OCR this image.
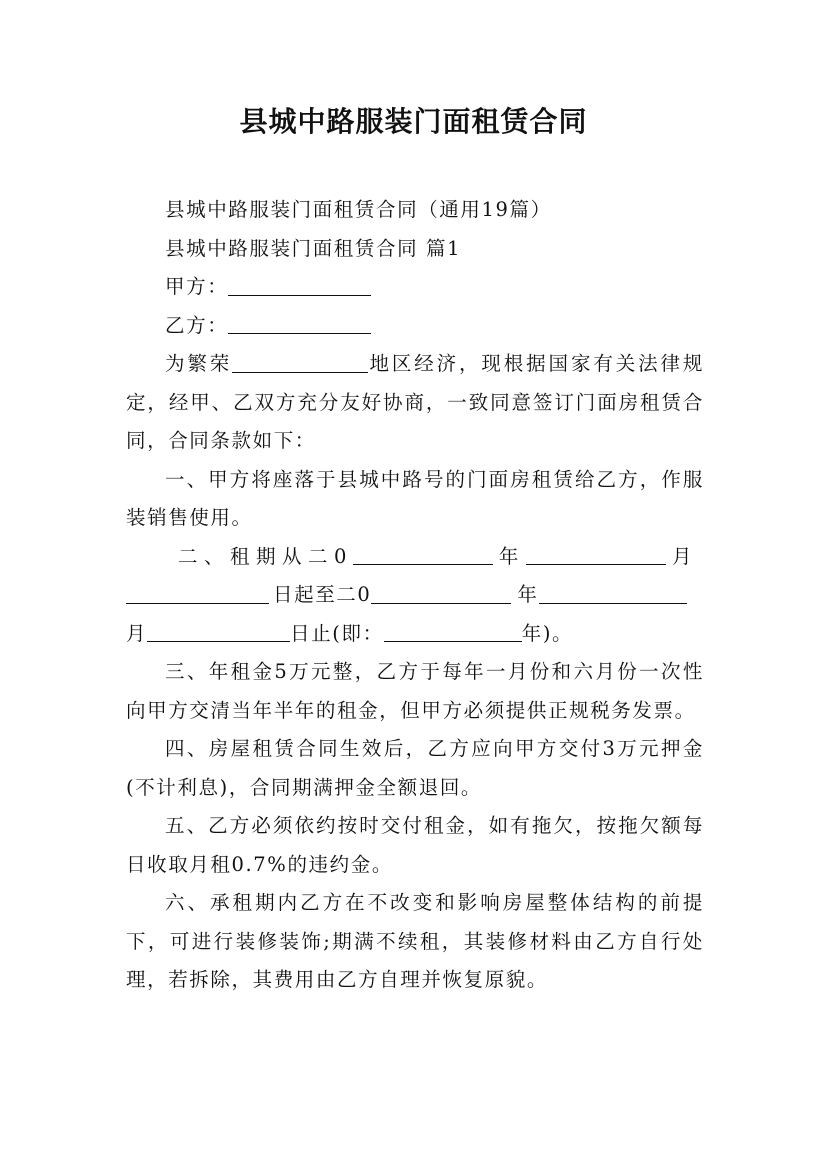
县城中路服装门面租赁合同

县城中路服装门面租赁合同（通用19篇）

县城中路服装门面租赁合同 篇1

甲方：

乙方：

为繁荣	地区经济，现根据国家有关法律规定，经甲、乙双方充分友好协商，一致同意签订门面房租赁合同，合同条款如下：

一、甲方将座落于县城中路号的门面房租赁给乙方，作服装销售使用。

二、租期从二0	年	月

日起至二0	年

月	日止(即：	年)。

三、年租金5万元整，乙方于每年一月份和六月份一次性向甲方交清当年半年的租金，但甲方必须提供正规税务发票。

四、房屋租赁合同生效后，乙方应向甲方交付3万元押金(不计利息)，合同期满押金全额退回。

五、乙方必须依约按时交付租金，如有拖欠，按拖欠额每日收取月租0.7%的违约金。

六、承租期内乙方在不改变和影响房屋整体结构的前提下，可进行装修装饰;期满不续租，其装修材料由乙方自行处理，若拆除，其费用由乙方自理并恢复原貌。
